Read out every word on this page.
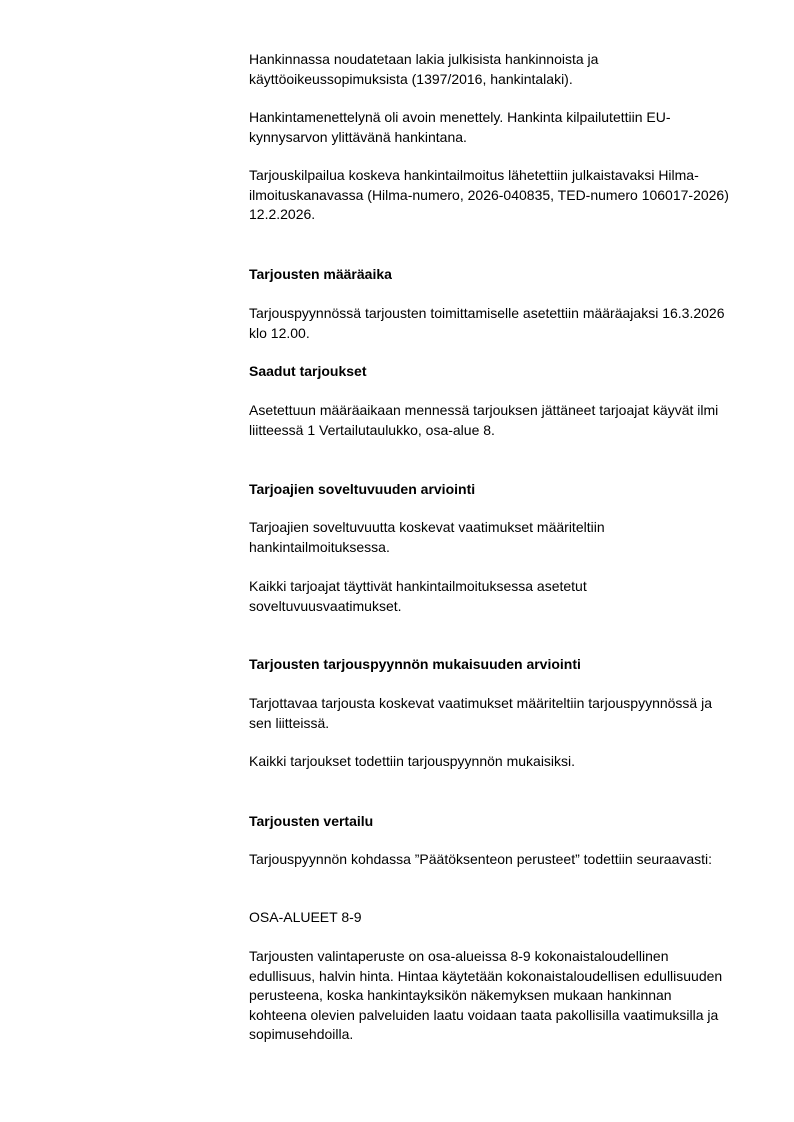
Hankinnassa noudatetaan lakia julkisista hankinnoista ja käyttöoikeussopimuksista (1397/2016, hankintalaki).

Hankintamenettelynä oli avoin menettely. Hankinta kilpailutettiin EU-kynnysarvon ylittävänä hankintana.

Tarjouskilpailua koskeva hankintailmoitus lähetettiin julkaistavaksi Hilma-ilmoituskanavassa (Hilma-numero, 2026-040835, TED-numero 106017-2026) 12.2.2026.

Tarjousten määräaika

Tarjouspyynnössä tarjousten toimittamiselle asetettiin määräajaksi 16.3.2026 klo 12.00.

Saadut tarjoukset

Asetettuun määräaikaan mennessä tarjouksen jättäneet tarjoajat käyvät ilmi liitteessä 1 Vertailutaulukko, osa-alue 8.

Tarjoajien soveltuvuuden arviointi

Tarjoajien soveltuvuutta koskevat vaatimukset määriteltiin hankintailmoituksessa.

Kaikki tarjoajat täyttivät hankintailmoituksessa asetetut soveltuvuusvaatimukset.

Tarjousten tarjouspyynnön mukaisuuden arviointi

Tarjottavaa tarjousta koskevat vaatimukset määriteltiin tarjouspyynnössä ja sen liitteissä.

Kaikki tarjoukset todettiin tarjouspyynnön mukaisiksi.

Tarjousten vertailu

Tarjouspyynnön kohdassa ”Päätöksenteon perusteet” todettiin seuraavasti:

OSA-ALUEET 8-9

Tarjousten valintaperuste on osa-alueissa 8-9 kokonaistaloudellinen edullisuus, halvin hinta. Hintaa käytetään kokonaistaloudellisen edullisuuden perusteena, koska hankintayksikön näkemyksen mukaan hankinnan kohteena olevien palveluiden laatu voidaan taata pakollisilla vaatimuksilla ja sopimusehdoilla.
